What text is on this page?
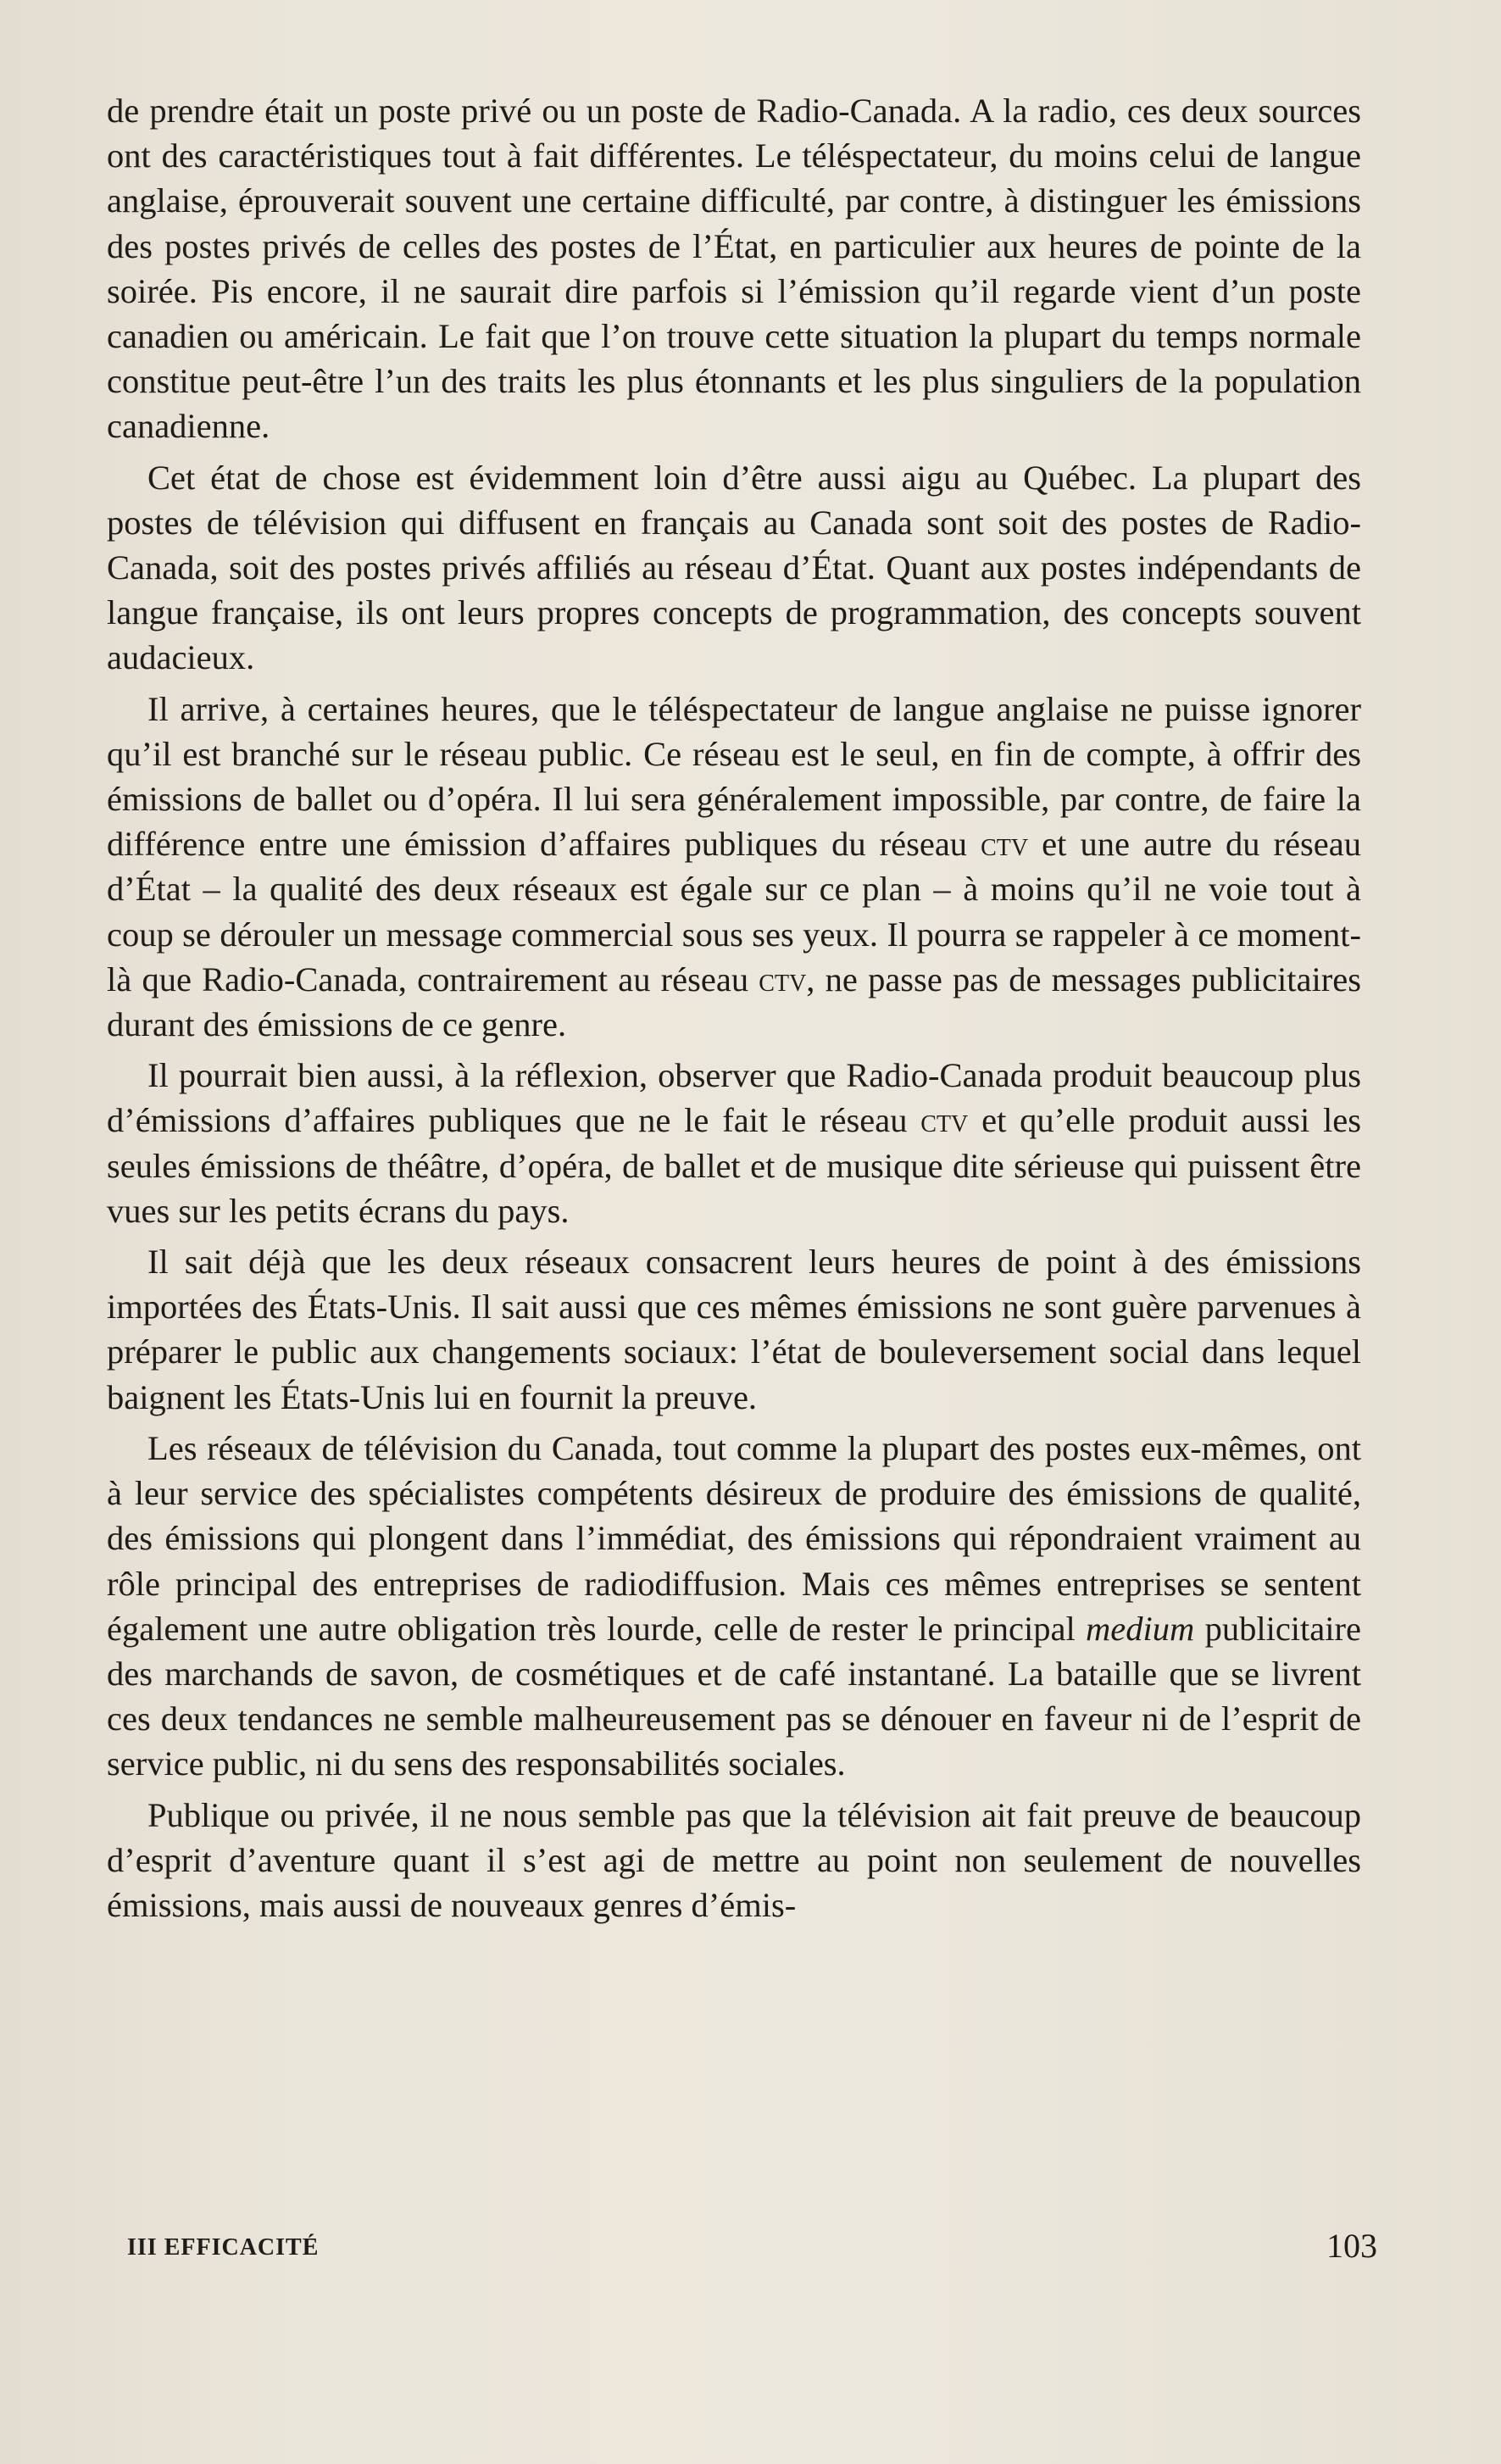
de prendre était un poste privé ou un poste de Radio-Canada. A la radio, ces deux sources ont des caractéristiques tout à fait différentes. Le téléspectateur, du moins celui de langue anglaise, éprouverait souvent une certaine difficulté, par contre, à distinguer les émissions des postes privés de celles des postes de l’État, en particulier aux heures de pointe de la soirée. Pis encore, il ne saurait dire parfois si l’émission qu’il regarde vient d’un poste canadien ou américain. Le fait que l’on trouve cette situation la plupart du temps normale constitue peut-être l’un des traits les plus étonnants et les plus singuliers de la population canadienne.

Cet état de chose est évidemment loin d’être aussi aigu au Québec. La plupart des postes de télévision qui diffusent en français au Canada sont soit des postes de Radio-Canada, soit des postes privés affiliés au réseau d’État. Quant aux postes indépendants de langue française, ils ont leurs propres concepts de programmation, des concepts souvent audacieux.

Il arrive, à certaines heures, que le téléspectateur de langue anglaise ne puisse ignorer qu’il est branché sur le réseau public. Ce réseau est le seul, en fin de compte, à offrir des émissions de ballet ou d’opéra. Il lui sera généralement impossible, par contre, de faire la différence entre une émission d’affaires publiques du réseau ctv et une autre du réseau d’État – la qualité des deux réseaux est égale sur ce plan – à moins qu’il ne voie tout à coup se dérouler un message commercial sous ses yeux. Il pourra se rappeler à ce moment-là que Radio-Canada, contrairement au réseau ctv, ne passe pas de messages publicitaires durant des émissions de ce genre.

Il pourrait bien aussi, à la réflexion, observer que Radio-Canada produit beaucoup plus d’émissions d’affaires publiques que ne le fait le réseau ctv et qu’elle produit aussi les seules émissions de théâtre, d’opéra, de ballet et de musique dite sérieuse qui puissent être vues sur les petits écrans du pays.

Il sait déjà que les deux réseaux consacrent leurs heures de point à des émissions importées des États-Unis. Il sait aussi que ces mêmes émissions ne sont guère parvenues à préparer le public aux changements sociaux: l’état de bouleversement social dans lequel baignent les États-Unis lui en fournit la preuve.

Les réseaux de télévision du Canada, tout comme la plupart des postes eux-mêmes, ont à leur service des spécialistes compétents désireux de produire des émissions de qualité, des émissions qui plongent dans l’immédiat, des émissions qui répondraient vraiment au rôle principal des entreprises de radiodiffusion. Mais ces mêmes entreprises se sentent également une autre obligation très lourde, celle de rester le principal medium publicitaire des marchands de savon, de cosmétiques et de café instantané. La bataille que se livrent ces deux tendances ne semble malheureusement pas se dénouer en faveur ni de l’esprit de service public, ni du sens des responsabilités sociales.

Publique ou privée, il ne nous semble pas que la télévision ait fait preuve de beaucoup d’esprit d’aventure quant il s’est agi de mettre au point non seulement de nouvelles émissions, mais aussi de nouveaux genres d’émis-

III EFFICACITÉ	103
